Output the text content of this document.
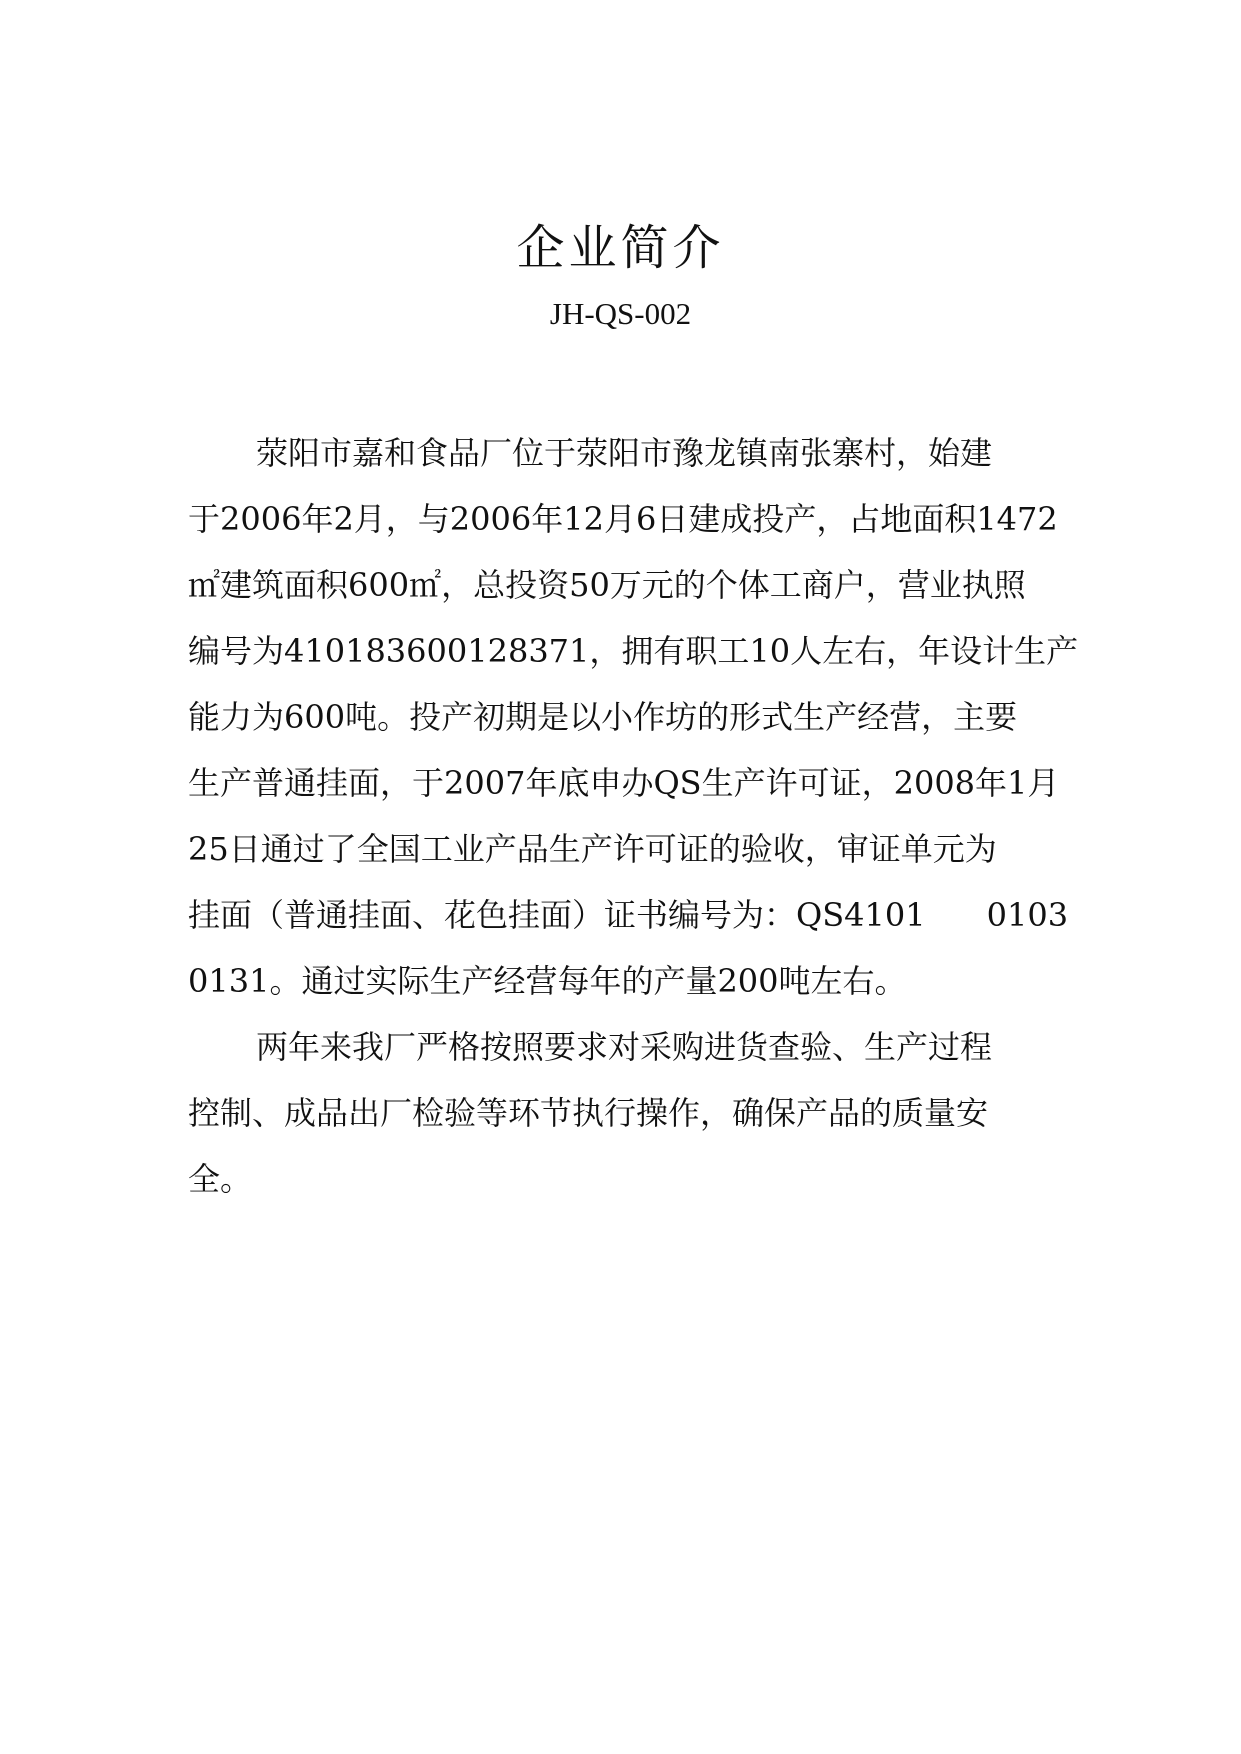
企业简介
JH-QS-002
荥阳市嘉和食品厂位于荥阳市豫龙镇南张寨村，始建
于2006年2月，与2006年12月6日建成投产，占地面积1472
㎡建筑面积600㎡，总投资50万元的个体工商户，营业执照
编号为410183600128371，拥有职工10人左右，年设计生产
能力为600吨。投产初期是以小作坊的形式生产经营，主要
生产普通挂面，于2007年底申办QS生产许可证，2008年1月
25日通过了全国工业产品生产许可证的验收，审证单元为
挂面（普通挂面、花色挂面）证书编号为：QS4101      0103
0131。通过实际生产经营每年的产量200吨左右。
两年来我厂严格按照要求对采购进货查验、生产过程
控制、成品出厂检验等环节执行操作，确保产品的质量安
全。
